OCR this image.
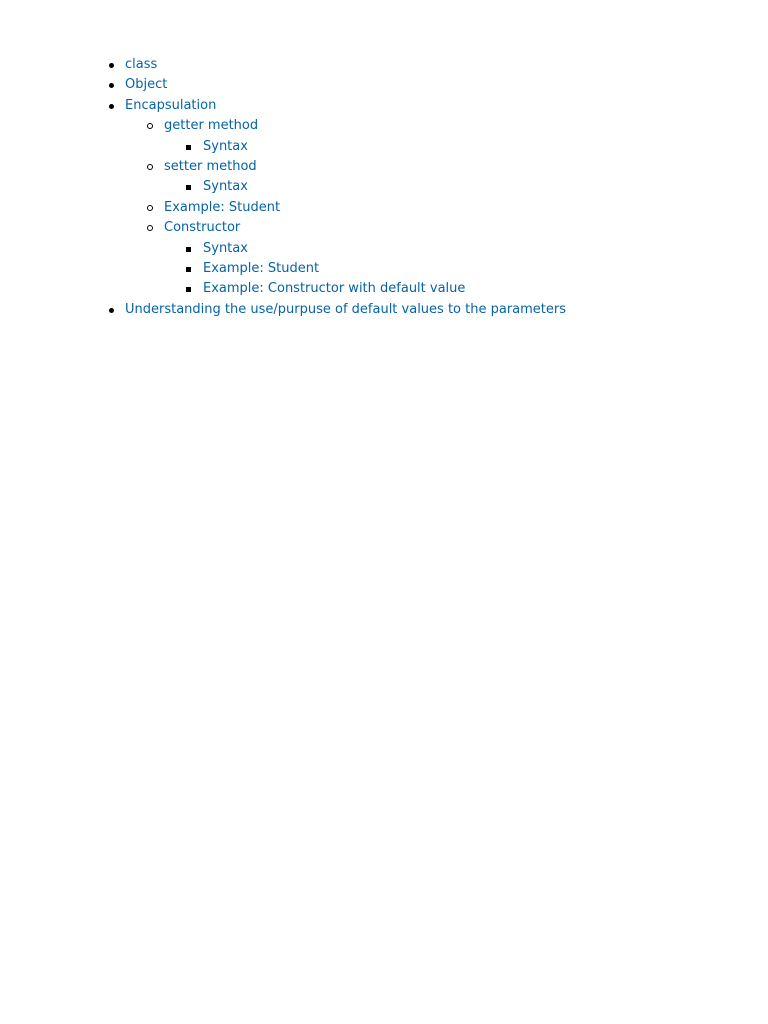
class
Object
Encapsulation
getter method
Syntax
setter method
Syntax
Example: Student
Constructor
Syntax
Example: Student
Example: Constructor with default value
Understanding the use/purpuse of default values to the parameters
